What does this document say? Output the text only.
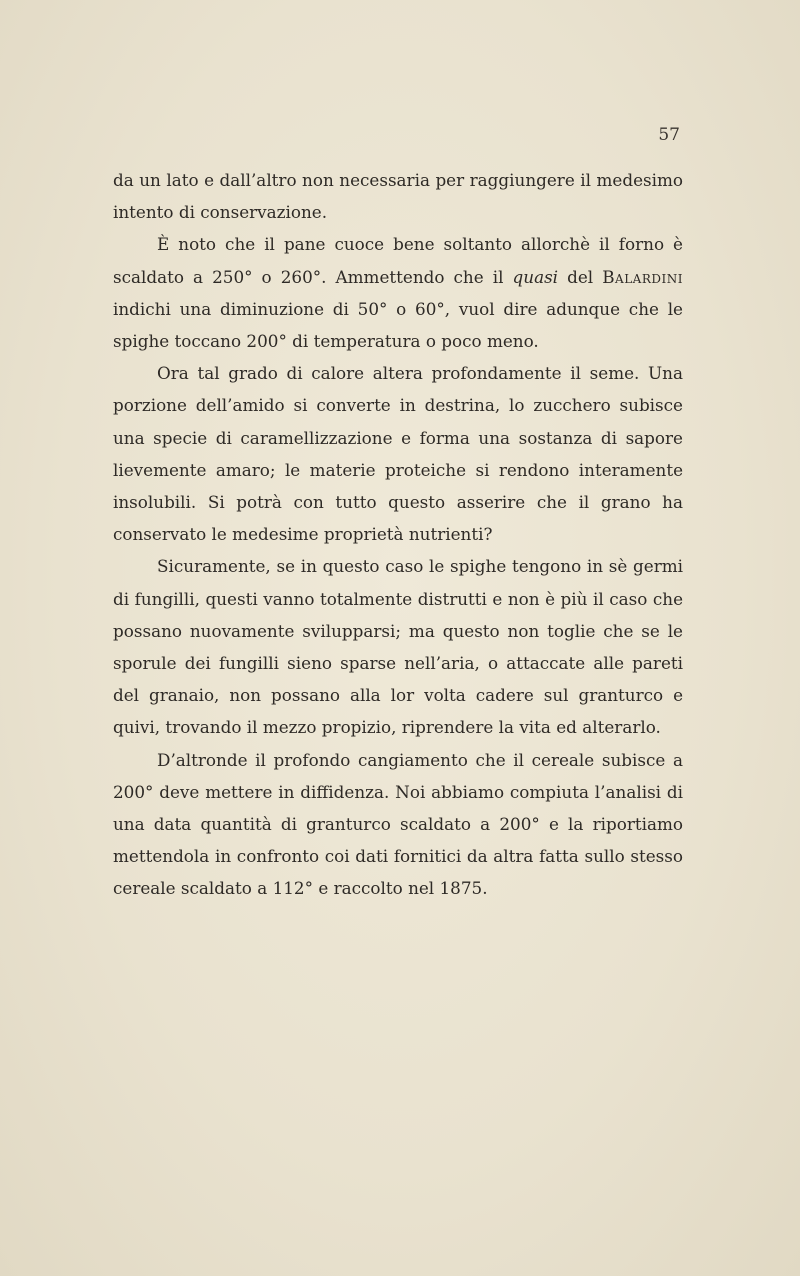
57

da un lato e dall’altro non necessaria per raggiungere il medesimo intento di conservazione.

È noto che il pane cuoce bene soltanto allorchè il forno è scaldato a 250° o 260°. Ammettendo che il quasi del Balardini indichi una diminuzione di 50° o 60°, vuol dire adunque che le spighe toccano 200° di temperatura o poco meno.

Ora tal grado di calore altera profondamente il seme. Una porzione dell’amido si converte in destrina, lo zucchero subisce una specie di caramellizzazione e forma una sostanza di sapore lievemente amaro; le materie proteiche si rendono interamente insolubili. Si potrà con tutto questo asserire che il grano ha conservato le medesime proprietà nutrienti?

Sicuramente, se in questo caso le spighe tengono in sè germi di fungilli, questi vanno totalmente distrutti e non è più il caso che possano nuovamente svilupparsi; ma questo non toglie che se le sporule dei fungilli sieno sparse nell’aria, o attaccate alle pareti del granaio, non possano alla lor volta cadere sul granturco e quivi, trovando il mezzo propizio, riprendere la vita ed alterarlo.

D’altronde il profondo cangiamento che il cereale subisce a 200° deve mettere in diffidenza. Noi abbiamo compiuta l’analisi di una data quantità di granturco scaldato a 200° e la riportiamo mettendola in confronto coi dati fornitici da altra fatta sullo stesso cereale scaldato a 112° e raccolto nel 1875.
